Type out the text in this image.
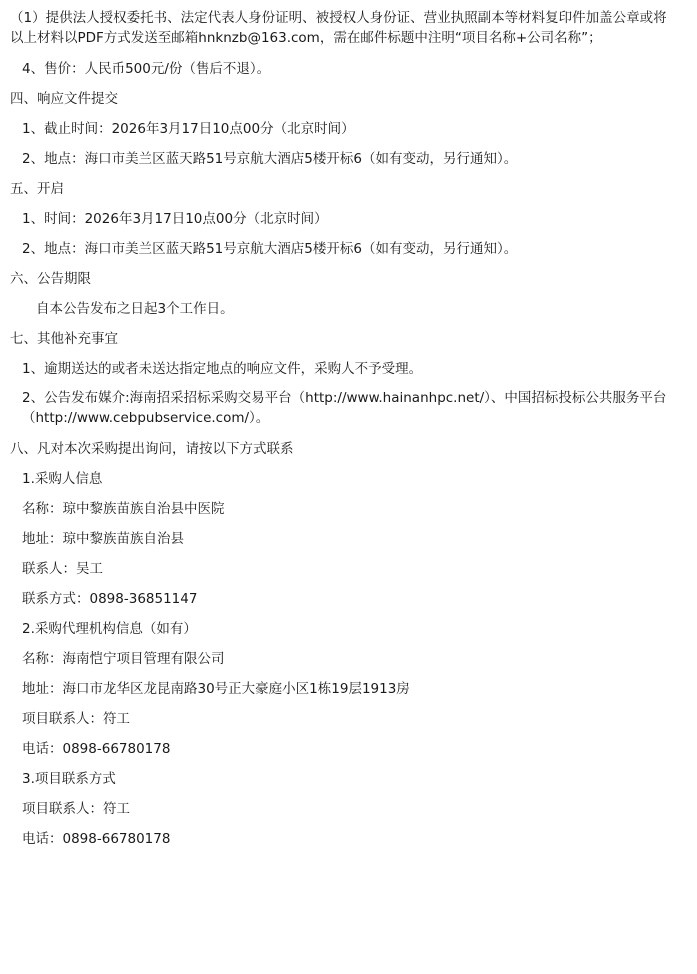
（1）提供法人授权委托书、法定代表人身份证明、被授权人身份证、营业执照副本等材料复印件加盖公章或将以上材料以PDF方式发送至邮箱hnknzb@163.com，需在邮件标题中注明“项目名称+公司名称”；
4、售价：人民币500元/份（售后不退）。
四、响应文件提交
1、截止时间：2026年3月17日10点00分（北京时间）
2、地点：海口市美兰区蓝天路51号京航大酒店5楼开标6（如有变动，另行通知）。
五、开启
1、时间：2026年3月17日10点00分（北京时间）
2、地点：海口市美兰区蓝天路51号京航大酒店5楼开标6（如有变动，另行通知）。
六、公告期限
自本公告发布之日起3个工作日。
七、其他补充事宜
1、逾期送达的或者未送达指定地点的响应文件，采购人不予受理。
2、公告发布媒介:海南招采招标采购交易平台（http://www.hainanhpc.net/）、中国招标投标公共服务平台（http://www.cebpubservice.com/）。
八、凡对本次采购提出询问，请按以下方式联系
1.采购人信息
名称：琼中黎族苗族自治县中医院
地址：琼中黎族苗族自治县
联系人：吴工
联系方式：0898-36851147
2.采购代理机构信息（如有）
名称：海南恺宁项目管理有限公司
地址：海口市龙华区龙昆南路30号正大豪庭小区1栋19层1913房
项目联系人：符工
电话：0898-66780178
3.项目联系方式
项目联系人：符工
电话：0898-66780178
